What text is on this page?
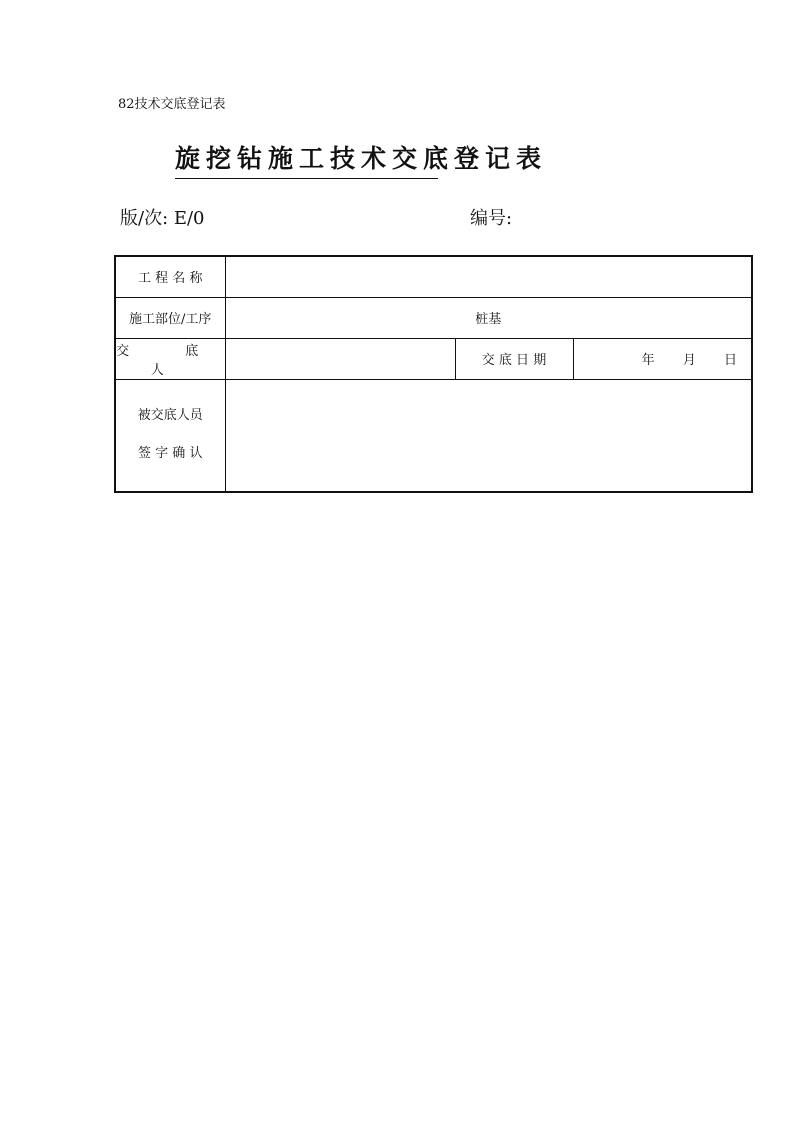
82技术交底登记表
旋挖钻施工技术交底登记表
版/次: E/0	编号:
工 程 名 称			
施工部位/工序	桩基		
交 底 人		交 底 日 期	年 月 日

被交底人员
签 字 确 认			
